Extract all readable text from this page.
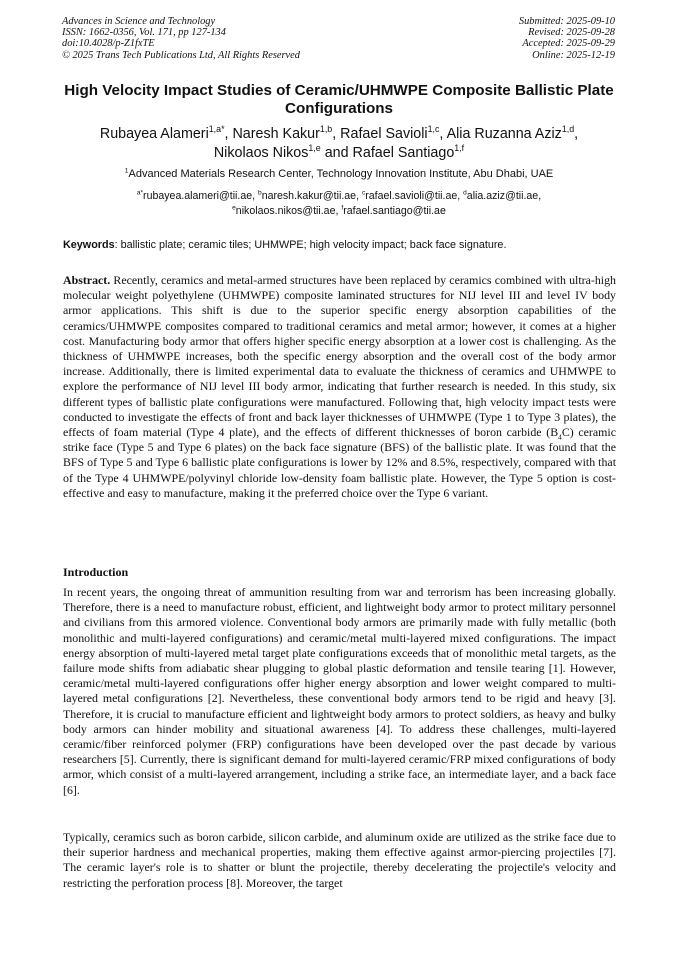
Advances in Science and Technology
ISSN: 1662-0356, Vol. 171, pp 127-134
doi:10.4028/p-Z1fxTE
© 2025 Trans Tech Publications Ltd, All Rights Reserved
Submitted: 2025-09-10
Revised: 2025-09-28
Accepted: 2025-09-29
Online: 2025-12-19
High Velocity Impact Studies of Ceramic/UHMWPE Composite Ballistic Plate Configurations
Rubayea Alameri$^{1,a*}$, Naresh Kakur$^{1,b}$, Rafael Savioli$^{1,c}$, Alia Ruzanna Aziz$^{1,d}$,
Nikolaos Nikos$^{1,e}$ and Rafael Santiago$^{1,f}$
$^1$Advanced Materials Research Center, Technology Innovation Institute, Abu Dhabi, UAE
$^{a*}$rubayea.alameri@tii.ae, $^b$naresh.kakur@tii.ae, $^c$rafael.savioli@tii.ae, $^d$alia.aziz@tii.ae,
$^e$nikolaos.nikos@tii.ae, $^f$rafael.santiago@tii.ae
Keywords: ballistic plate; ceramic tiles; UHMWPE; high velocity impact; back face signature.
Abstract. Recently, ceramics and metal-armed structures have been replaced by ceramics combined with ultra-high molecular weight polyethylene (UHMWPE) composite laminated structures for NIJ level III and level IV body armor applications. This shift is due to the superior specific energy absorption capabilities of the ceramics/UHMWPE composites compared to traditional ceramics and metal armor; however, it comes at a higher cost. Manufacturing body armor that offers higher specific energy absorption at a lower cost is challenging. As the thickness of UHMWPE increases, both the specific energy absorption and the overall cost of the body armor increase. Additionally, there is limited experimental data to evaluate the thickness of ceramics and UHMWPE to explore the performance of NIJ level III body armor, indicating that further research is needed. In this study, six different types of ballistic plate configurations were manufactured. Following that, high velocity impact tests were conducted to investigate the effects of front and back layer thicknesses of UHMWPE (Type 1 to Type 3 plates), the effects of foam material (Type 4 plate), and the effects of different thicknesses of boron carbide $(B_4C)$ ceramic strike face (Type 5 and Type 6 plates) on the back face signature (BFS) of the ballistic plate. It was found that the BFS of Type 5 and Type 6 ballistic plate configurations is lower by 12% and 8.5%, respectively, compared with that of the Type 4 UHMWPE/polyvinyl chloride low-density foam ballistic plate. However, the Type 5 option is cost-effective and easy to manufacture, making it the preferred choice over the Type 6 variant.
Introduction
In recent years, the ongoing threat of ammunition resulting from war and terrorism has been increasing globally. Therefore, there is a need to manufacture robust, efficient, and lightweight body armor to protect military personnel and civilians from this armored violence. Conventional body armors are primarily made with fully metallic (both monolithic and multi-layered configurations) and ceramic/metal multi-layered mixed configurations. The impact energy absorption of multi-layered metal target plate configurations exceeds that of monolithic metal targets, as the failure mode shifts from adiabatic shear plugging to global plastic deformation and tensile tearing [1]. However, ceramic/metal multi-layered configurations offer higher energy absorption and lower weight compared to multi-layered metal configurations [2]. Nevertheless, these conventional body armors tend to be rigid and heavy [3]. Therefore, it is crucial to manufacture efficient and lightweight body armors to protect soldiers, as heavy and bulky body armors can hinder mobility and situational awareness [4]. To address these challenges, multi-layered ceramic/fiber reinforced polymer (FRP) configurations have been developed over the past decade by various researchers [5]. Currently, there is significant demand for multi-layered ceramic/FRP mixed configurations of body armor, which consist of a multi-layered arrangement, including a strike face, an intermediate layer, and a back face [6].
Typically, ceramics such as boron carbide, silicon carbide, and aluminum oxide are utilized as the strike face due to their superior hardness and mechanical properties, making them effective against armor-piercing projectiles [7]. The ceramic layer's role is to shatter or blunt the projectile, thereby decelerating the projectile's velocity and restricting the perforation process [8]. Moreover, the target
